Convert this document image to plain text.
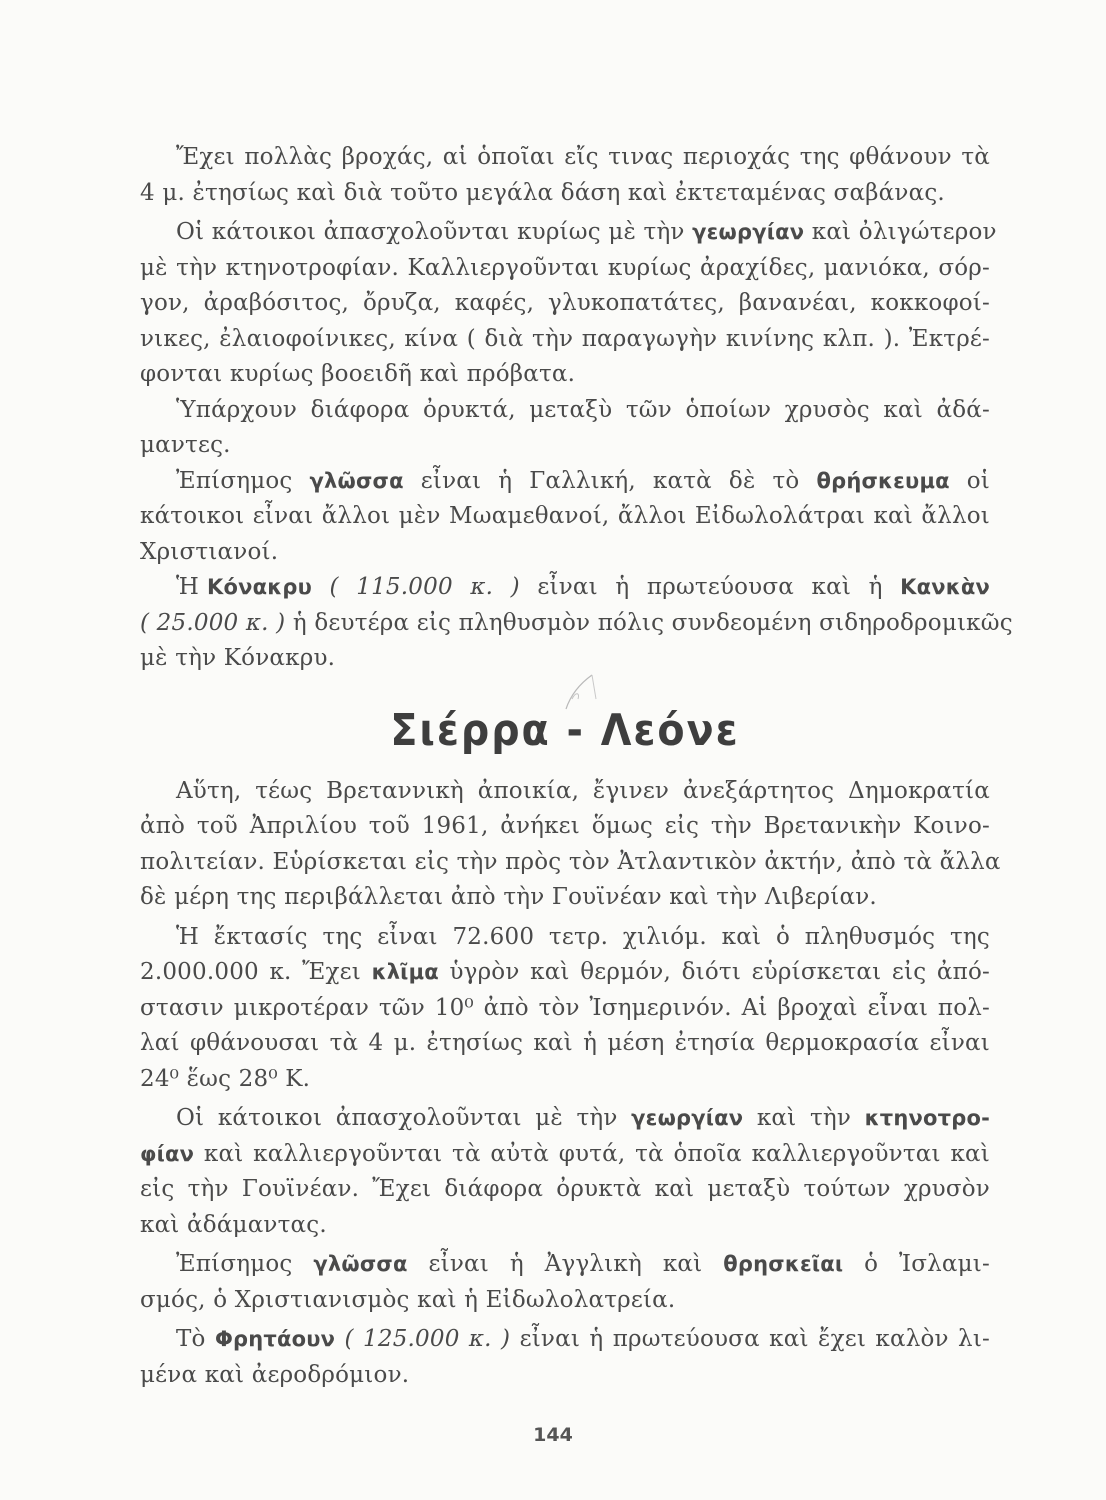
Ἔχει πολλὰς βροχάς, αἱ ὁποῖαι εἴς τινας περιοχάς της φθάνουν τὰ
4 μ. ἐτησίως καὶ διὰ τοῦτο μεγάλα δάση καὶ ἐκτεταμένας σαβάνας.

Οἱ κάτοικοι ἀπασχολοῦνται κυρίως μὲ τὴν γεωργίαν καὶ ὀλιγώτερον
μὲ τὴν κτηνοτροφίαν. Καλλιεργοῦνται κυρίως ἀραχίδες, μανιόκα, σόρ-
γον, ἀραβόσιτος, ὄρυζα, καφές, γλυκοπατάτες, βανανέαι, κοκκοφοί-
νικες, ἐλαιοφοίνικες, κίνα ( διὰ τὴν παραγωγὴν κινίνης κλπ. ). Ἐκτρέ-
φονται κυρίως βοοειδῆ καὶ πρόβατα.

Ὑπάρχουν διάφορα ὀρυκτά, μεταξὺ τῶν ὁποίων χρυσὸς καὶ ἀδά-
μαντες.

Ἐπίσημος γλῶσσα εἶναι ἡ Γαλλική, κατὰ δὲ τὸ θρήσκευμα οἱ
κάτοικοι εἶναι ἄλλοι μὲν Μωαμεθανοί, ἄλλοι Εἰδωλολάτραι καὶ ἄλλοι
Χριστιανοί.

Ἡ Κόνακρυ ( 115.000 κ. ) εἶναι ἡ πρωτεύουσα καὶ ἡ Κανκὰν
( 25.000 κ. ) ἡ δευτέρα εἰς πληθυσμὸν πόλις συνδεομένη σιδηροδρομικῶς
μὲ τὴν Κόνακρυ.

Σιέρρα - Λεόνε

Αὕτη, τέως Βρεταννικὴ ἀποικία, ἔγινεν ἀνεξάρτητος Δημοκρατία
ἀπὸ τοῦ Ἀπριλίου τοῦ 1961, ἀνήκει ὅμως εἰς τὴν Βρετανικὴν Κοινο-
πολιτείαν. Εὑρίσκεται εἰς τὴν πρὸς τὸν Ἀτλαντικὸν ἀκτήν, ἀπὸ τὰ ἄλλα
δὲ μέρη της περιβάλλεται ἀπὸ τὴν Γουϊνέαν καὶ τὴν Λιβερίαν.

Ἡ ἔκτασίς της εἶναι 72.600 τετρ. χιλιόμ. καὶ ὁ πληθυσμός της
2.000.000 κ. Ἔχει κλῖμα ὑγρὸν καὶ θερμόν, διότι εὑρίσκεται εἰς ἀπό-
στασιν μικροτέραν τῶν 10⁰ ἀπὸ τὸν Ἰσημερινόν. Αἱ βροχαὶ εἶναι πολ-
λαί φθάνουσαι τὰ 4 μ. ἐτησίως καὶ ἡ μέση ἐτησία θερμοκρασία εἶναι
24⁰ ἕως 28⁰ Κ.

Οἱ κάτοικοι ἀπασχολοῦνται μὲ τὴν γεωργίαν καὶ τὴν κτηνοτρο-
φίαν καὶ καλλιεργοῦνται τὰ αὐτὰ φυτά, τὰ ὁποῖα καλλιεργοῦνται καὶ
εἰς τὴν Γουϊνέαν. Ἔχει διάφορα ὀρυκτὰ καὶ μεταξὺ τούτων χρυσὸν
καὶ ἀδάμαντας.

Ἐπίσημος γλῶσσα εἶναι ἡ Ἀγγλικὴ καὶ θρησκεῖαι ὁ Ἰσλαμι-
σμός, ὁ Χριστιανισμὸς καὶ ἡ Εἰδωλολατρεία.

Τὸ Φρητάουν ( 125.000 κ. ) εἶναι ἡ πρωτεύουσα καὶ ἔχει καλὸν λι-
μένα καὶ ἀεροδρόμιον.

144
